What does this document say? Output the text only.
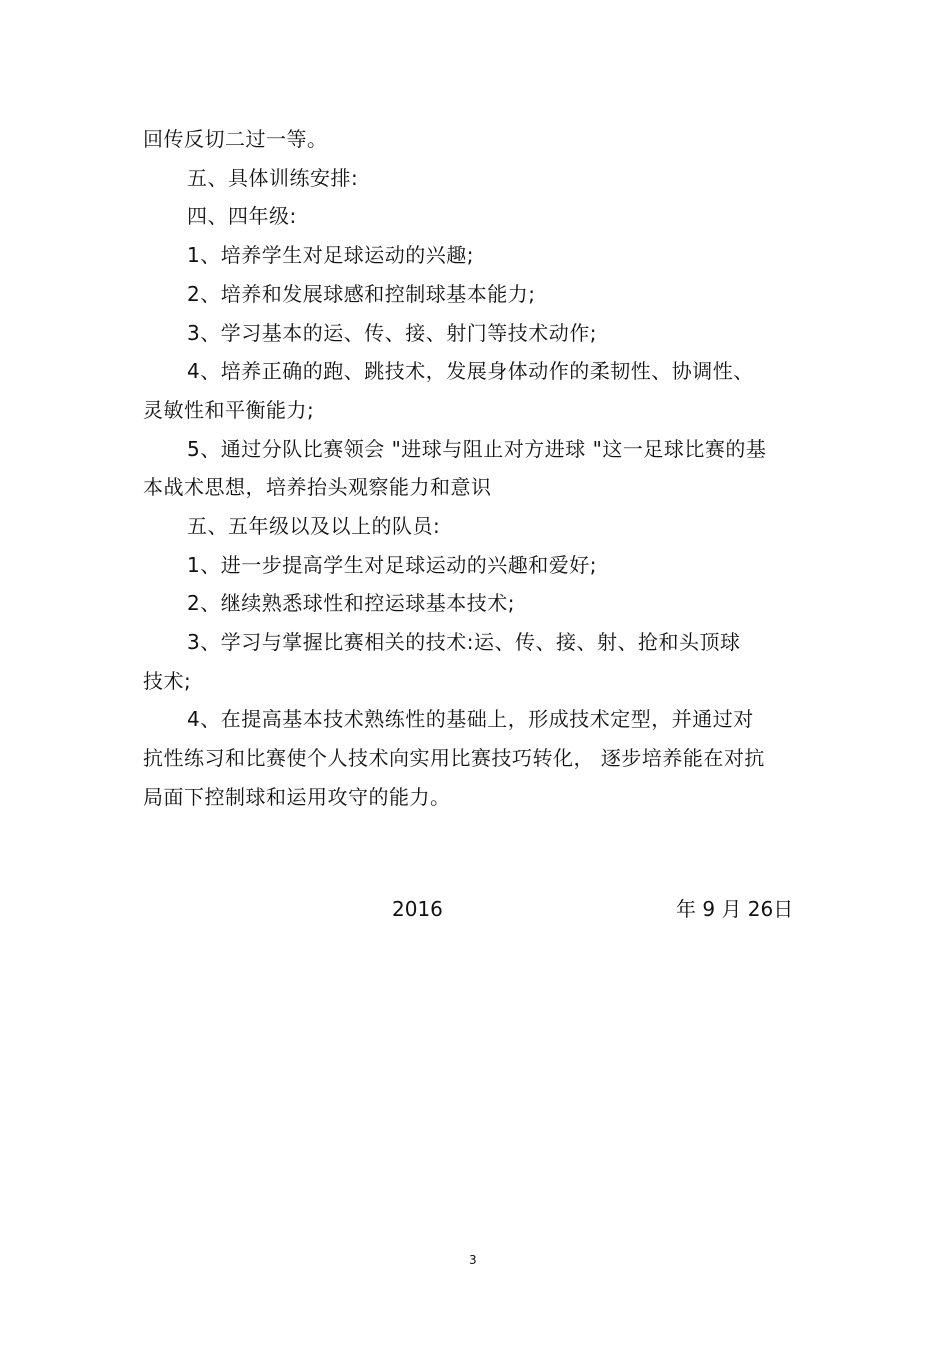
回传反切二过一等。
五、具体训练安排:
四、四年级:
1、培养学生对足球运动的兴趣;
2、培养和发展球感和控制球基本能力;
3、学习基本的运、传、接、射门等技术动作;
4、培养正确的跑、跳技术，发展身体动作的柔韧性、协调性、
灵敏性和平衡能力;
5、通过分队比赛领会 "进球与阻止对方进球 "这一足球比赛的基
本战术思想，培养抬头观察能力和意识
五、五年级以及以上的队员:
1、进一步提高学生对足球运动的兴趣和爱好;
2、继续熟悉球性和控运球基本技术;
3、学习与掌握比赛相关的技术:运、传、接、射、抢和头顶球
技术;
4、在提高基本技术熟练性的基础上，形成技术定型，并通过对
抗性练习和比赛使个人技术向实用比赛技巧转化， 逐步培养能在对抗
局面下控制球和运用攻守的能力。
2016	年 9 月 26日
3
